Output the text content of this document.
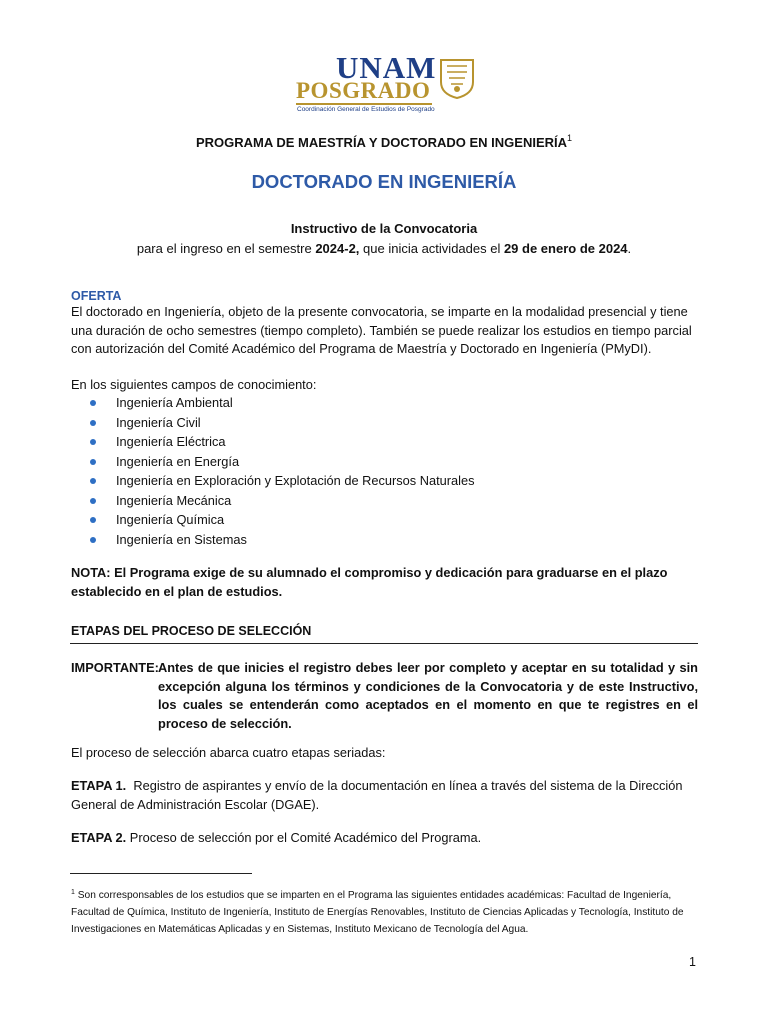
UNAM
POSGRADO
Coordinación General de Estudios de Posgrado
PROGRAMA DE MAESTRÍA Y DOCTORADO EN INGENIERÍA$^1$
DOCTORADO EN INGENIERÍA
Instructivo de la Convocatoria
para el ingreso en el semestre 2024-2, que inicia actividades el 29 de enero de 2024.
OFERTA
El doctorado en Ingeniería, objeto de la presente convocatoria, se imparte en la modalidad presencial y tiene una duración de ocho semestres (tiempo completo). También se puede realizar los estudios en tiempo parcial con autorización del Comité Académico del Programa de Maestría y Doctorado en Ingeniería (PMyDI).
En los siguientes campos de conocimiento:
Ingeniería Ambiental
Ingeniería Civil
Ingeniería Eléctrica
Ingeniería en Energía
Ingeniería en Exploración y Explotación de Recursos Naturales
Ingeniería Mecánica
Ingeniería Química
Ingeniería en Sistemas
NOTA: El Programa exige de su alumnado el compromiso y dedicación para graduarse en el plazo establecido en el plan de estudios.
ETAPAS DEL PROCESO DE SELECCIÓN
IMPORTANTE: Antes de que inicies el registro debes leer por completo y aceptar en su totalidad y sin excepción alguna los términos y condiciones de la Convocatoria y de este Instructivo, los cuales se entenderán como aceptados en el momento en que te registres en el proceso de selección.
El proceso de selección abarca cuatro etapas seriadas:
ETAPA 1. Registro de aspirantes y envío de la documentación en línea a través del sistema de la Dirección General de Administración Escolar (DGAE).
ETAPA 2. Proceso de selección por el Comité Académico del Programa.
$^1$ Son corresponsables de los estudios que se imparten en el Programa las siguientes entidades académicas: Facultad de Ingeniería, Facultad de Química, Instituto de Ingeniería, Instituto de Energías Renovables, Instituto de Ciencias Aplicadas y Tecnología, Instituto de Investigaciones en Matemáticas Aplicadas y en Sistemas, Instituto Mexicano de Tecnología del Agua.
1
